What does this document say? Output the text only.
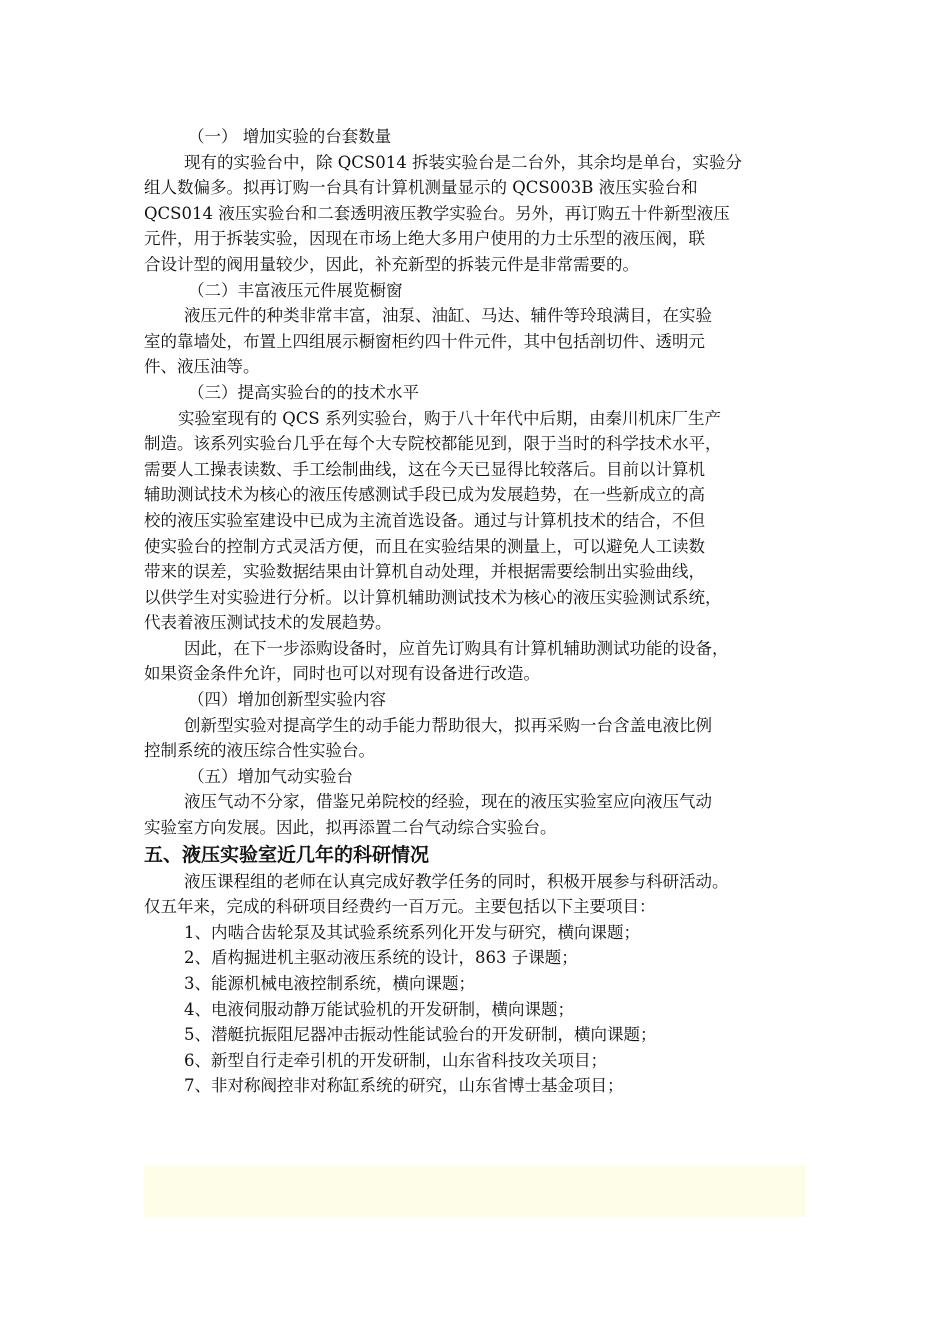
（一） 增加实验的台套数量
现有的实验台中，除 QCS014 拆装实验台是二台外，其余均是单台，实验分
组人数偏多。拟再订购一台具有计算机测量显示的 QCS003B 液压实验台和
QCS014 液压实验台和二套透明液压教学实验台。另外，再订购五十件新型液压
元件，用于拆装实验，因现在市场上绝大多用户使用的力士乐型的液压阀，联
合设计型的阀用量较少，因此，补充新型的拆装元件是非常需要的。
（二）丰富液压元件展览橱窗
液压元件的种类非常丰富，油泵、油缸、马达、辅件等玲琅满目，在实验
室的靠墙处，布置上四组展示橱窗柜约四十件元件，其中包括剖切件、透明元
件、液压油等。
（三）提高实验台的的技术水平
实验室现有的 QCS 系列实验台，购于八十年代中后期，由秦川机床厂生产
制造。该系列实验台几乎在每个大专院校都能见到，限于当时的科学技术水平，
需要人工操表读数、手工绘制曲线，这在今天已显得比较落后。目前以计算机
辅助测试技术为核心的液压传感测试手段已成为发展趋势，在一些新成立的高
校的液压实验室建设中已成为主流首选设备。通过与计算机技术的结合，不但
使实验台的控制方式灵活方便，而且在实验结果的测量上，可以避免人工读数
带来的误差，实验数据结果由计算机自动处理，并根据需要绘制出实验曲线，
以供学生对实验进行分析。以计算机辅助测试技术为核心的液压实验测试系统，
代表着液压测试技术的发展趋势。
因此，在下一步添购设备时，应首先订购具有计算机辅助测试功能的设备，
如果资金条件允许，同时也可以对现有设备进行改造。
（四）增加创新型实验内容
创新型实验对提高学生的动手能力帮助很大，拟再采购一台含盖电液比例
控制系统的液压综合性实验台。
（五）增加气动实验台
液压气动不分家，借鉴兄弟院校的经验，现在的液压实验室应向液压气动
实验室方向发展。因此，拟再添置二台气动综合实验台。
五、液压实验室近几年的科研情况
液压课程组的老师在认真完成好教学任务的同时，积极开展参与科研活动。
仅五年来，完成的科研项目经费约一百万元。主要包括以下主要项目：
1、内啮合齿轮泵及其试验系统系列化开发与研究，横向课题；
2、盾构掘进机主驱动液压系统的设计，863 子课题；
3、能源机械电液控制系统，横向课题；
4、电液伺服动静万能试验机的开发研制，横向课题；
5、潜艇抗振阻尼器冲击振动性能试验台的开发研制，横向课题；
6、新型自行走牵引机的开发研制，山东省科技攻关项目；
7、非对称阀控非对称缸系统的研究，山东省博士基金项目；
